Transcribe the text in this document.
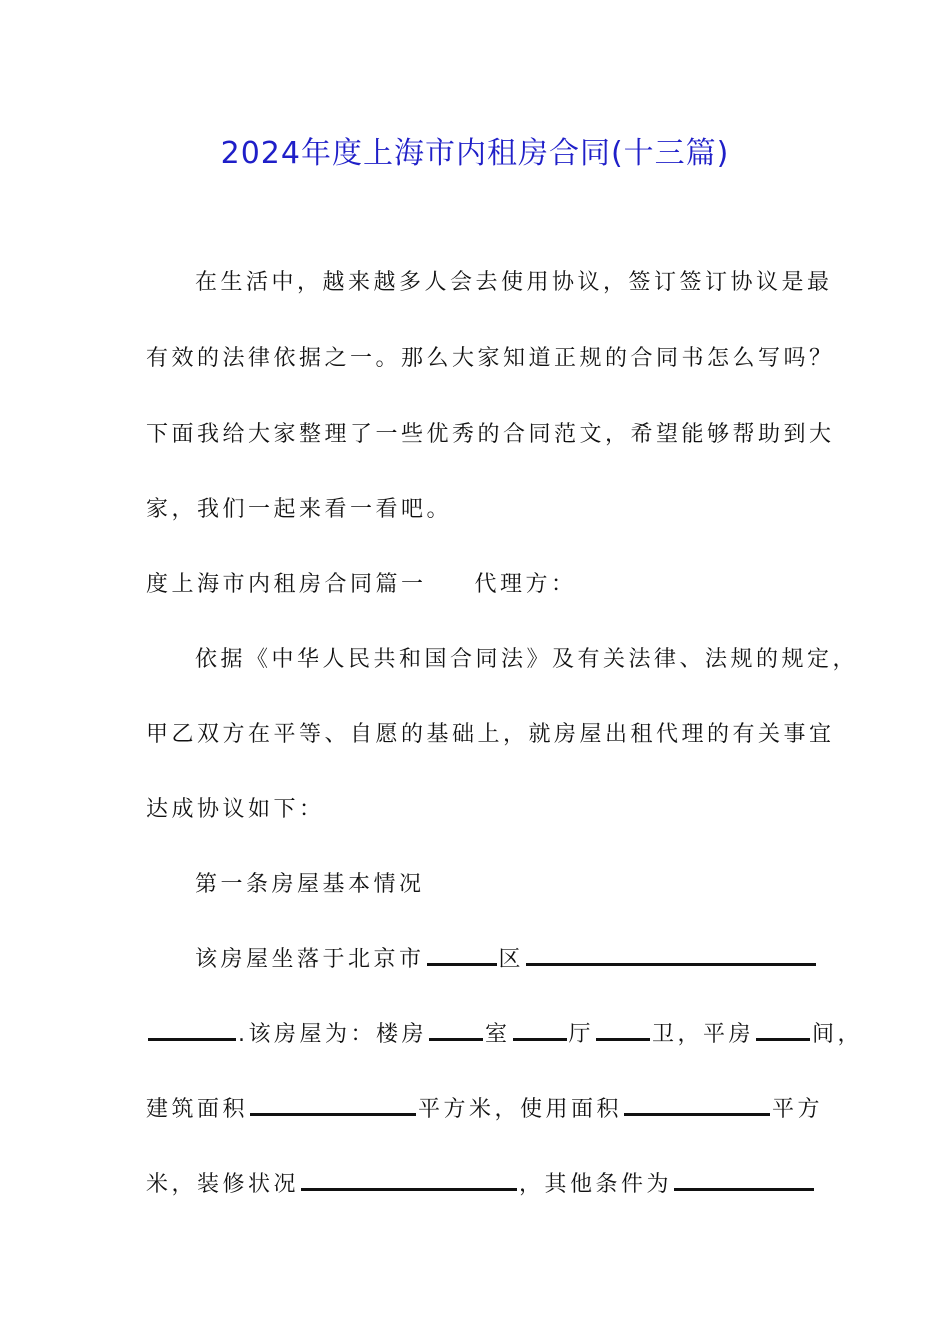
2024年度上海市内租房合同(十三篇)
在生活中，越来越多人会去使用协议，签订签订协议是最
有效的法律依据之一。那么大家知道正规的合同书怎么写吗？
下面我给大家整理了一些优秀的合同范文，希望能够帮助到大
家，我们一起来看一看吧。
度上海市内租房合同篇一 代理方：
依据《中华人民共和国合同法》及有关法律、法规的规定，
甲乙双方在平等、自愿的基础上，就房屋出租代理的有关事宜
达成协议如下：
第一条房屋基本情况
该房屋坐落于北京市	区
.该房屋为：楼房	室	厅	卫，平房	间，
建筑面积	平方米，使用面积	平方
米，装修状况	，其他条件为
